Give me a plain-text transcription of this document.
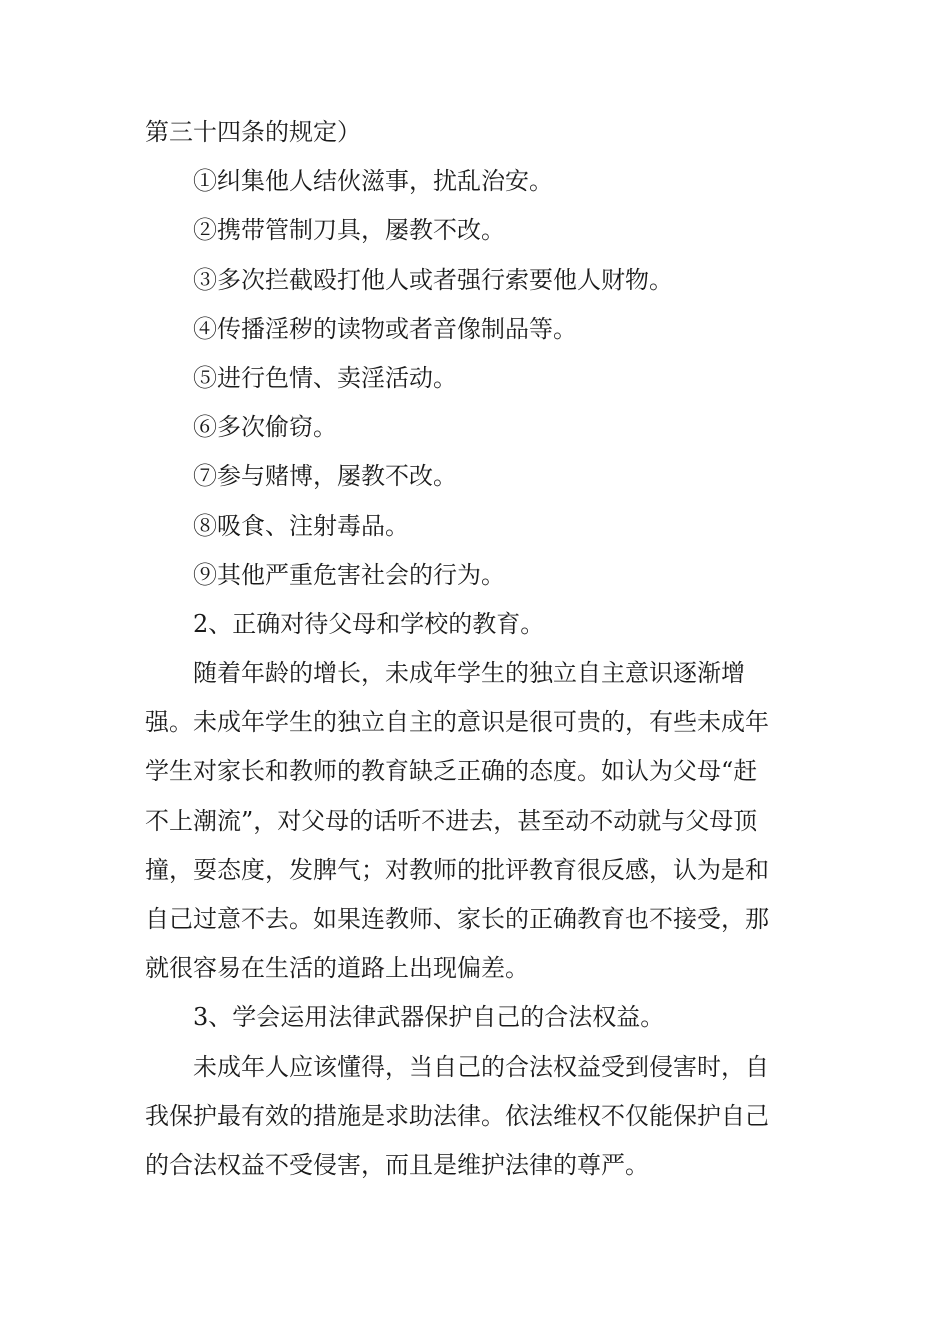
第三十四条的规定）

①纠集他人结伙滋事，扰乱治安。

②携带管制刀具，屡教不改。

③多次拦截殴打他人或者强行索要他人财物。

④传播淫秽的读物或者音像制品等。

⑤进行色情、卖淫活动。

⑥多次偷窃。

⑦参与赌博，屡教不改。

⑧吸食、注射毒品。

⑨其他严重危害社会的行为。

2、正确对待父母和学校的教育。

随着年龄的增长，未成年学生的独立自主意识逐渐增

强。未成年学生的独立自主的意识是很可贵的，有些未成年

学生对家长和教师的教育缺乏正确的态度。如认为父母“赶

不上潮流”，对父母的话听不进去，甚至动不动就与父母顶

撞，耍态度，发脾气；对教师的批评教育很反感，认为是和

自己过意不去。如果连教师、家长的正确教育也不接受，那

就很容易在生活的道路上出现偏差。

3、学会运用法律武器保护自己的合法权益。

未成年人应该懂得，当自己的合法权益受到侵害时，自

我保护最有效的措施是求助法律。依法维权不仅能保护自己

的合法权益不受侵害，而且是维护法律的尊严。
